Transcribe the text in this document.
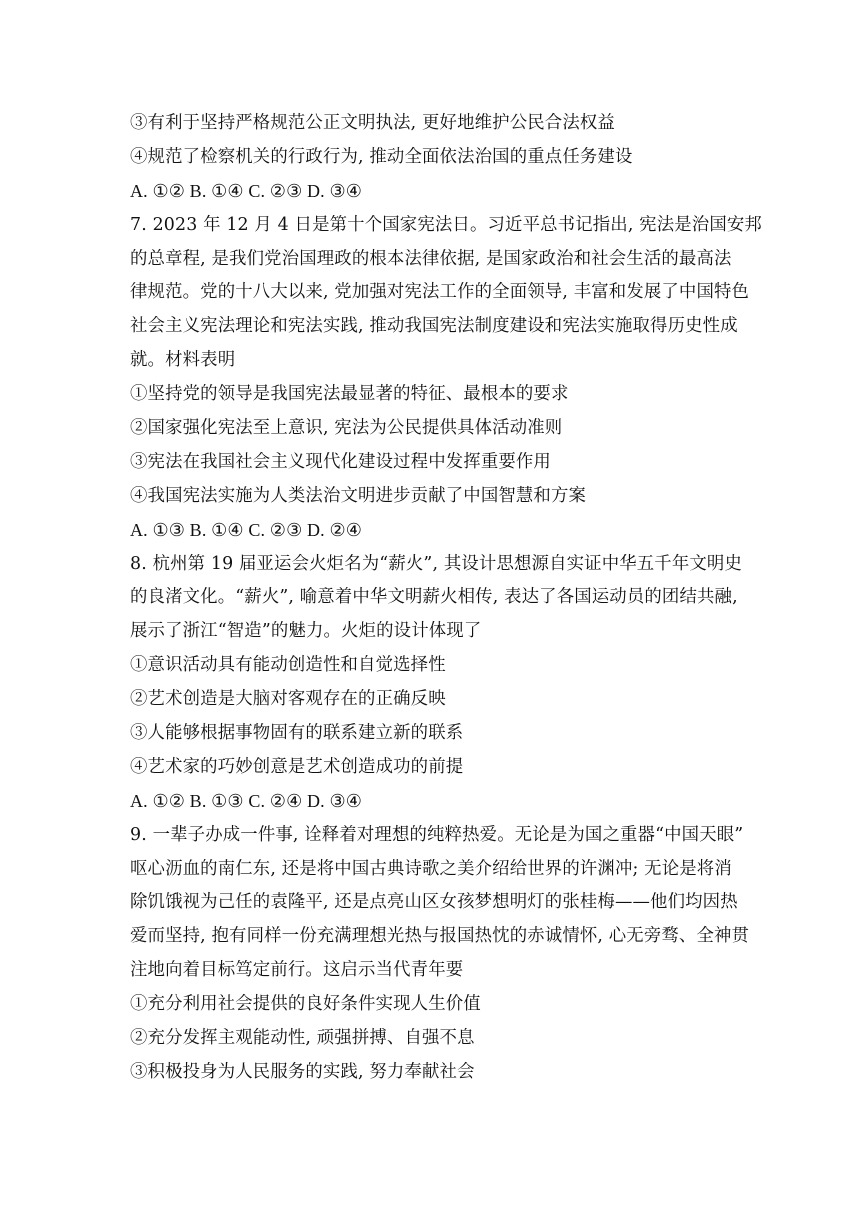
③有利于坚持严格规范公正文明执法, 更好地维护公民合法权益
④规范了检察机关的行政行为, 推动全面依法治国的重点任务建设
A. ①② B. ①④ C. ②③ D. ③④
7. 2023 年 12 月 4 日是第十个国家宪法日。习近平总书记指出, 宪法是治国安邦
的总章程, 是我们党治国理政的根本法律依据, 是国家政治和社会生活的最高法
律规范。党的十八大以来, 党加强对宪法工作的全面领导, 丰富和发展了中国特色
社会主义宪法理论和宪法实践, 推动我国宪法制度建设和宪法实施取得历史性成
就。材料表明
①坚持党的领导是我国宪法最显著的特征、最根本的要求
②国家强化宪法至上意识, 宪法为公民提供具体活动准则
③宪法在我国社会主义现代化建设过程中发挥重要作用
④我国宪法实施为人类法治文明进步贡献了中国智慧和方案
A. ①③ B. ①④ C. ②③ D. ②④
8. 杭州第 19 届亚运会火炬名为“薪火”, 其设计思想源自实证中华五千年文明史
的良渚文化。“薪火”, 喻意着中华文明薪火相传, 表达了各国运动员的团结共融,
展示了浙江“智造”的魅力。火炬的设计体现了
①意识活动具有能动创造性和自觉选择性
②艺术创造是大脑对客观存在的正确反映
③人能够根据事物固有的联系建立新的联系
④艺术家的巧妙创意是艺术创造成功的前提
A. ①② B. ①③ C. ②④ D. ③④
9. 一辈子办成一件事, 诠释着对理想的纯粹热爱。无论是为国之重器“中国天眼”
呕心沥血的南仁东, 还是将中国古典诗歌之美介绍给世界的许渊冲; 无论是将消
除饥饿视为己任的袁隆平, 还是点亮山区女孩梦想明灯的张桂梅——他们均因热
爱而坚持, 抱有同样一份充满理想光热与报国热忱的赤诚情怀, 心无旁骛、全神贯
注地向着目标笃定前行。这启示当代青年要
①充分利用社会提供的良好条件实现人生价值
②充分发挥主观能动性, 顽强拼搏、自强不息
③积极投身为人民服务的实践, 努力奉献社会
